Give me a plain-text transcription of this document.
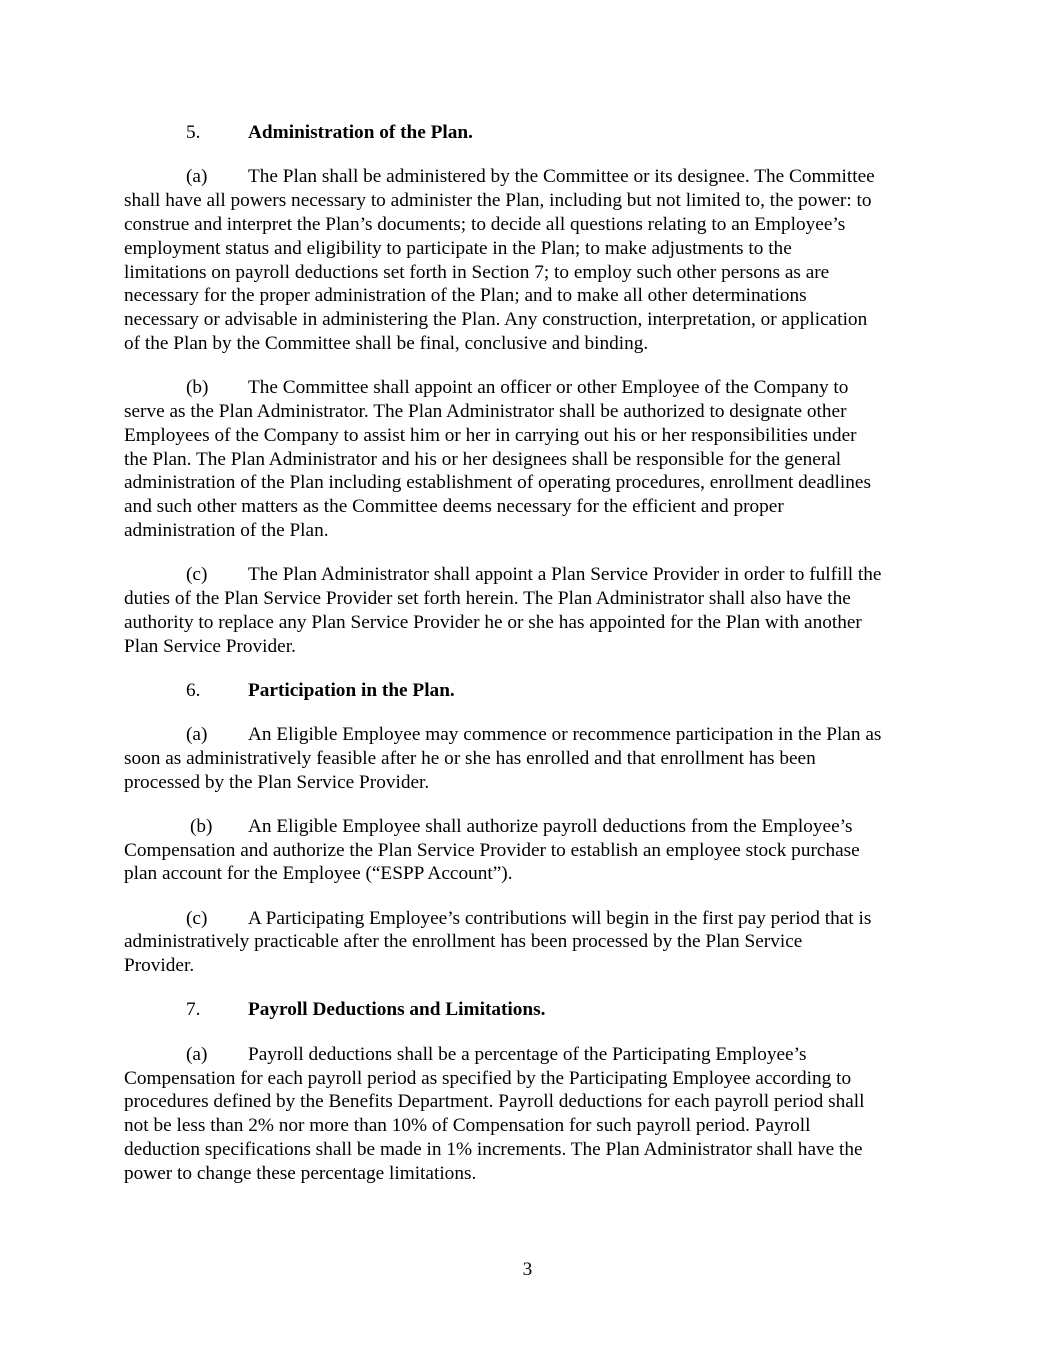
5. Administration of the Plan.
(a) The Plan shall be administered by the Committee or its designee. The Committee
shall have all powers necessary to administer the Plan, including but not limited to, the power: to
construe and interpret the Plan’s documents; to decide all questions relating to an Employee’s
employment status and eligibility to participate in the Plan; to make adjustments to the
limitations on payroll deductions set forth in Section 7; to employ such other persons as are
necessary for the proper administration of the Plan; and to make all other determinations
necessary or advisable in administering the Plan. Any construction, interpretation, or application
of the Plan by the Committee shall be final, conclusive and binding.
(b) The Committee shall appoint an officer or other Employee of the Company to
serve as the Plan Administrator. The Plan Administrator shall be authorized to designate other
Employees of the Company to assist him or her in carrying out his or her responsibilities under
the Plan. The Plan Administrator and his or her designees shall be responsible for the general
administration of the Plan including establishment of operating procedures, enrollment deadlines
and such other matters as the Committee deems necessary for the efficient and proper
administration of the Plan.
(c) The Plan Administrator shall appoint a Plan Service Provider in order to fulfill the
duties of the Plan Service Provider set forth herein. The Plan Administrator shall also have the
authority to replace any Plan Service Provider he or she has appointed for the Plan with another
Plan Service Provider.
6. Participation in the Plan.
(a) An Eligible Employee may commence or recommence participation in the Plan as
soon as administratively feasible after he or she has enrolled and that enrollment has been
processed by the Plan Service Provider.
(b) An Eligible Employee shall authorize payroll deductions from the Employee’s
Compensation and authorize the Plan Service Provider to establish an employee stock purchase
plan account for the Employee (“ESPP Account”).
(c) A Participating Employee’s contributions will begin in the first pay period that is
administratively practicable after the enrollment has been processed by the Plan Service
Provider.
7. Payroll Deductions and Limitations.
(a) Payroll deductions shall be a percentage of the Participating Employee’s
Compensation for each payroll period as specified by the Participating Employee according to
procedures defined by the Benefits Department. Payroll deductions for each payroll period shall
not be less than 2% nor more than 10% of Compensation for such payroll period. Payroll
deduction specifications shall be made in 1% increments. The Plan Administrator shall have the
power to change these percentage limitations.
3
